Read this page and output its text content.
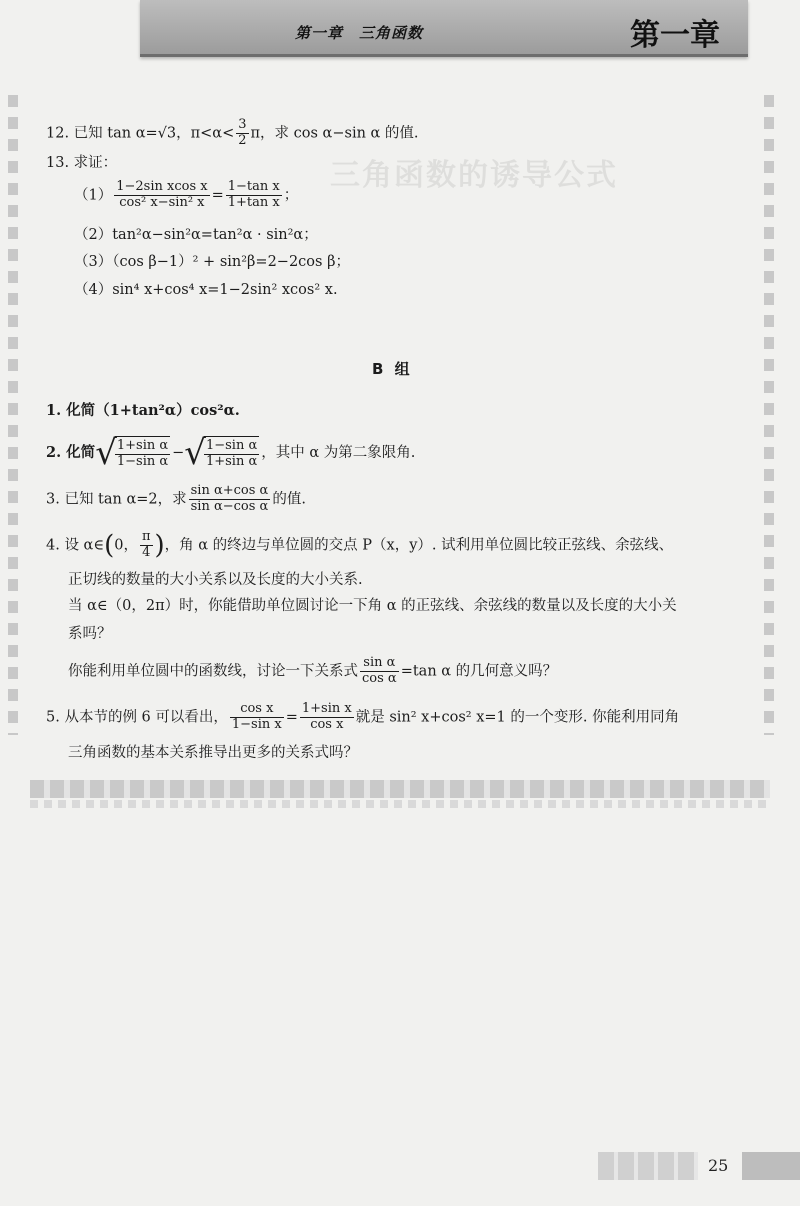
第一章　三角函数	第一章
三角函数的诱导公式
12. 已知 tan α=√3，$\pi<\alpha< \frac{3}{2}$ π，求 cos α−sin α 的值.
13. 求证：
$(1) \frac{\text{1−2sin xcos x}}{\text{cos² x−sin² x}} = \frac{\text{1−tan x}}{\text{1+tan x}}$ ；
（2）tan²α−sin²α=tan²α · sin²α；
（3）（cos β−1）² + sin²β=2−2cos β；
（4）sin⁴ x+cos⁴ x=1−2sin² xcos² x.
B 组
1. 化简（1+tan²α）cos²α.
2. 化简√
$\frac{\text{1+sin α}}{\text{1−sin α}}$ −√
$\frac{\text{1−sin α}}{\text{1+sin α}}$ ，其中 α 为第二象限角.
3. 已知 tan α=2，求 $\frac{\text{sin α+cos α}}{\text{sin α−cos α}}$ 的值.
4. 设 α∈(0， $\frac{\pi}{4}$ )，角 α 的终边与单位圆的交点 P（x，y）. 试利用单位圆比较正弦线、余弦线、
正切线的数量的大小关系以及长度的大小关系.
当 α∈（0，2π）时，你能借助单位圆讨论一下角 α 的正弦线、余弦线的数量以及长度的大小关
系吗？
你能利用单位圆中的函数线，讨论一下关系式 $\frac{\text{sin α}}{\text{cos α}} =\tan$ α 的几何意义吗？
5. 从本节的例 6 可以看出， $\frac{\text{cos x}}{\text{1−sin x}} = \frac{\text{1+sin x}}{\text{cos x}}$ 就是 sin² x+cos² x=1 的一个变形. 你能利用同角
三角函数的基本关系推导出更多的关系式吗？
25
